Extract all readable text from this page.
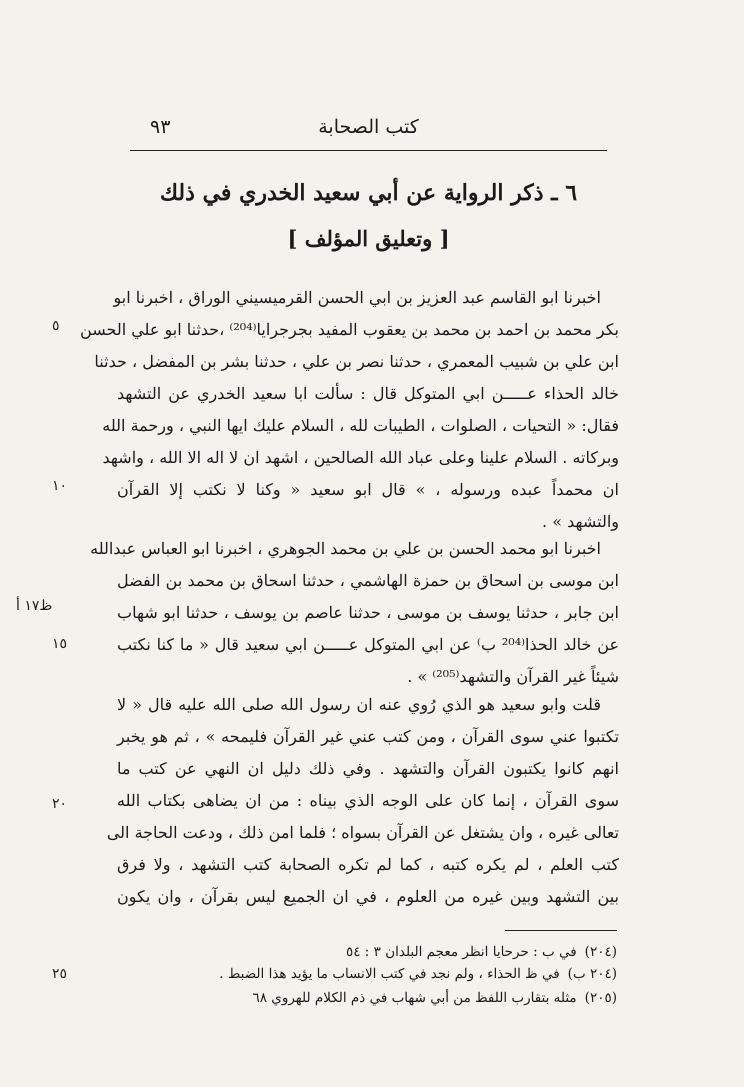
كتب الصحابة
٩٣
٦ ـ ذكر الرواية عن أبي سعيد الخدري في ذلك
[ وتعليق المؤلف ]
اخبرنا ابو القاسم عبد العزيز بن ابي الحسن القرميسيني الوراق ، اخبرنا ابو
بكر محمد بن احمد بن محمد بن يعقوب المفيد بجرجرايا⁽²⁰⁴⁾ ،حدثنا ابو علي الحسن
ابن علي بن شبيب المعمري ، حدثنا نصر بن علي ، حدثنا بشر بن المفضل ، حدثنا
خالد الحذاء عـــــن ابي المتوكل قال : سألت ابا سعيد الخدري عن التشهد
فقال: « التحيات ، الصلوات ، الطيبات لله ، السلام عليك ايها النبي ، ورحمة الله
وبركاته . السلام علينا وعلى عباد الله الصالحين ، اشهد ان لا اله الا الله ، واشهد
ان محمداً عبده ورسوله ، » قال ابو سعيد « وكنا لا نكتب إلا القرآن
والتشهد » .
اخبرنا ابو محمد الحسن بن علي بن محمد الجوهري ، اخبرنا ابو العباس عبدالله
ابن موسى بن اسحاق بن حمزة الهاشمي ، حدثنا اسحاق بن محمد بن الفضل
ابن جابر ، حدثنا يوسف بن موسى ، حدثنا عاصم بن يوسف ، حدثنا ابو شهاب
عن خالد الحذا⁽²⁰⁴ ب⁾ عن ابي المتوكل عـــــن ابي سعيد قال « ما كنا نكتب
شيئاً غير القرآن والتشهد⁽²⁰⁵⁾ » .
قلت وابو سعيد هو الذي رُوي عنه ان رسول الله صلى الله عليه قال « لا
تكتبوا عني سوى القرآن ، ومن كتب عني غير القرآن فليمحه » ، ثم هو يخبر
انهم كانوا يكتبون القرآن والتشهد . وفي ذلك دليل ان النهي عن كتب ما
سوى القرآن ، إنما كان على الوجه الذي بيناه : من ان يضاهى بكتاب الله
تعالى غيره ، وان يشتغل عن القرآن بسواه ؛ فلما امن ذلك ، ودعت الحاجة الى
كتب العلم ، لم يكره كتبه ، كما لم تكره الصحابة كتب التشهد ، ولا فرق
بين التشهد وبين غيره من العلوم ، في ان الجميع ليس بقرآن ، وان يكون
٥
١٠
١٥
٢٠
٢٥
ظ١٧ أ
(٢٠٤)في ب : حرحايا انظر معجم البلدان ٣ : ٥٤
(٢٠٤ ب)في ظ الحذاء ، ولم نجد في كتب الانساب ما يؤيد هذا الضبط .
(٢٠٥)مثله بتقارب اللفظ من أبي شهاب في ذم الكلام للهروي ٦٨
